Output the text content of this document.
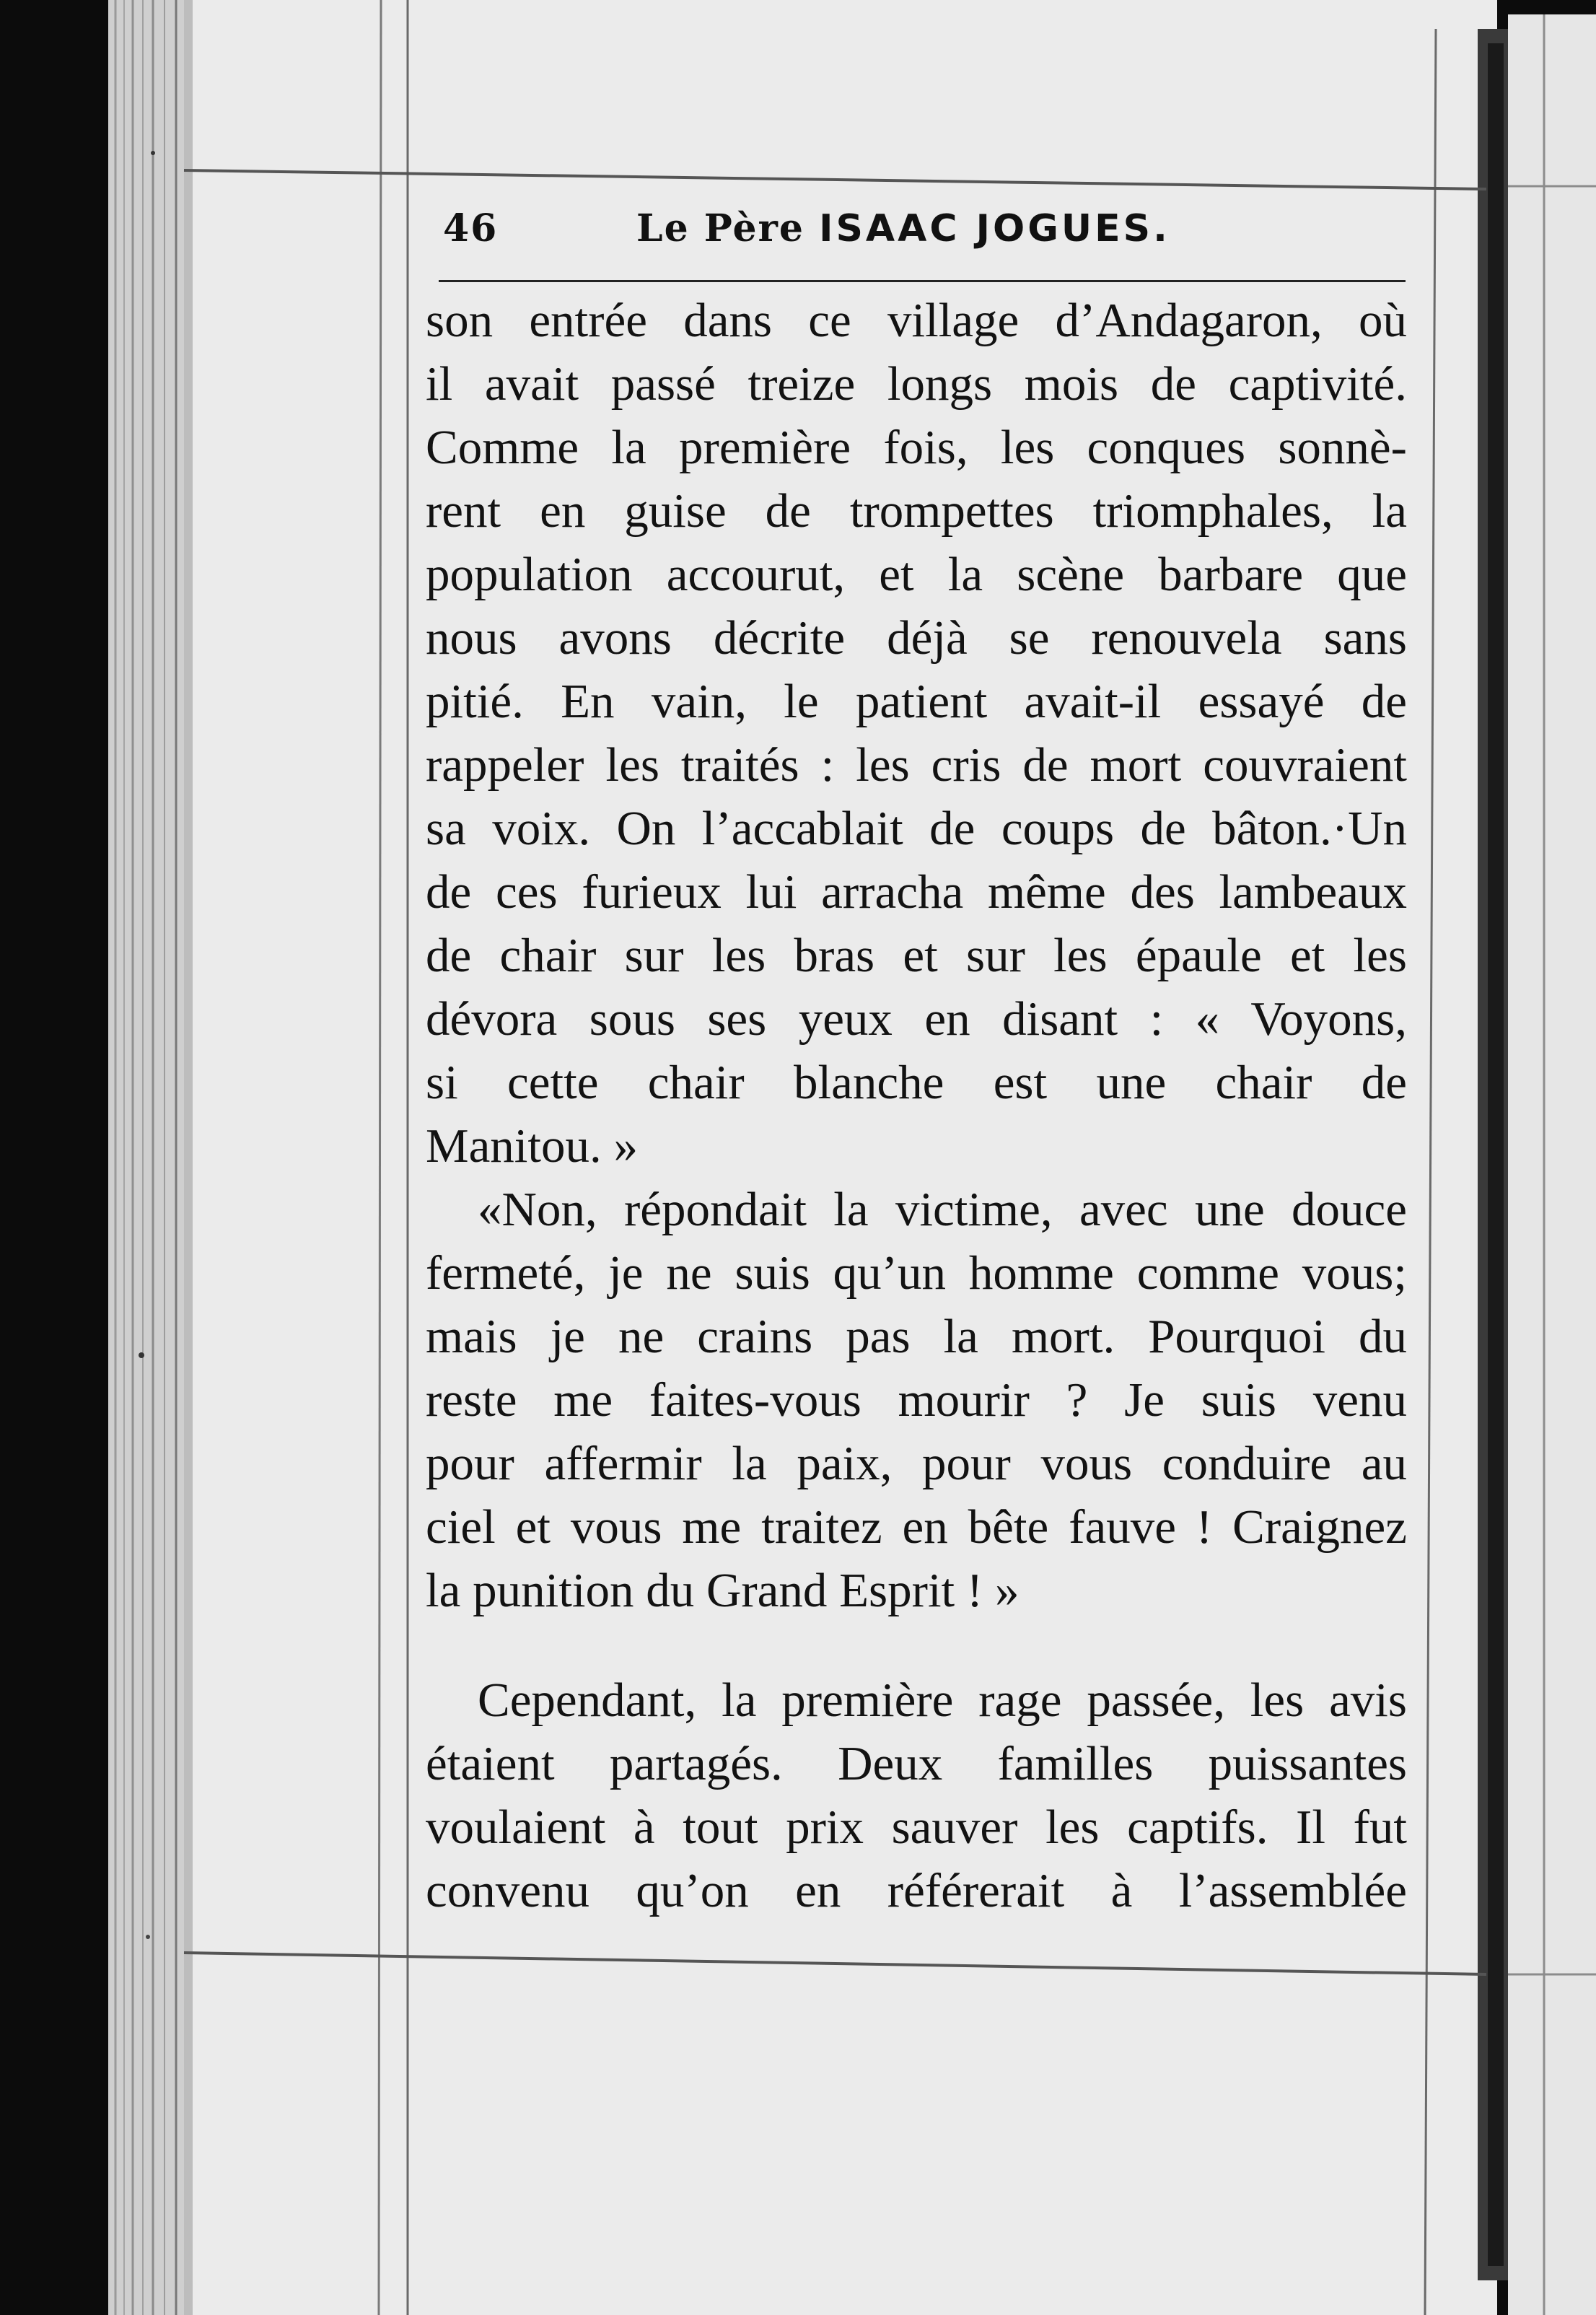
46	Le Père ISAAC JOGUES.
son entrée dans ce village d’Andagaron, où
il avait passé treize longs mois de captivité.
Comme la première fois, les conques sonnè-
rent en guise de trompettes triomphales, la
population accourut, et la scène barbare que
nous avons décrite déjà se renouvela sans
pitié. En vain, le patient avait-il essayé de
rappeler les traités : les cris de mort couvraient
sa voix. On l’accablait de coups de bâton.·Un
de ces furieux lui arracha même des lambeaux
de chair sur les bras et sur les épaule et les
dévora sous ses yeux en disant : « Voyons,
si cette chair blanche est une chair de
Manitou. »
«Non, répondait la victime, avec une douce
fermeté, je ne suis qu’un homme comme vous;
mais je ne crains pas la mort. Pourquoi du
reste me faites-vous mourir ? Je suis venu
pour affermir la paix, pour vous conduire au
ciel et vous me traitez en bête fauve ! Craignez
la punition du Grand Esprit ! »
Cependant, la première rage passée, les avis
étaient partagés. Deux familles puissantes
voulaient à tout prix sauver les captifs. Il fut
convenu qu’on en référerait à l’assemblée
